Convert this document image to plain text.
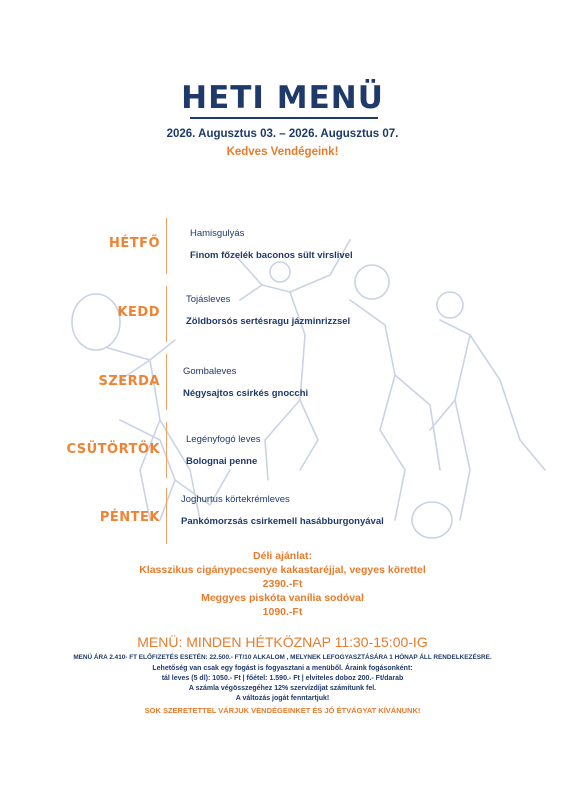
HETI MENÜ
2026. Augusztus 03. – 2026. Augusztus 07.
Kedves Vendégeink!
HÉTFŐ
Hamisgulyás
Finom főzelék baconos sült virslivel
KEDD
Tojásleves
Zöldborsós sertésragu jázminrizzsel
SZERDA
Gombaleves
Négysajtos csirkés gnocchi
CSÜTÖRTÖK
Legényfogó leves
Bolognai penne
PÉNTEK
Joghurtus körtekrémleves
Pankómorzsás csirkemell hasábburgonyával
Déli ajánlat:
Klasszikus cigánypecsenye kakastaréjjal, vegyes körettel
2390.-Ft
Meggyes piskóta vanília sodóval
1090.-Ft
MENÜ: MINDEN HÉTKÖZNAP 11:30-15:00-IG
MENÜ ÁRA 2.410- FT ELŐFIZETÉS ESETÉN: 22.500.- FT/10 ALKALOM , MELYNEK LEFOGYASZTÁSÁRA 1 HÓNAP ÁLL RENDELKEZÉSRE.
Lehetőség van csak egy fogást is fogyasztani a menüből. Áraink fogásonként:
tál leves (5 dl): 1050.- Ft | főétel: 1.590.- Ft | elviteles doboz 200.- Ft/darab
A számla végösszegéhez 12% szervízdíjat számítunk fel.
A változás jogát fenntartjuk!
SOK SZERETETTEL VÁRJUK VENDÉGEINKET ÉS JÓ ÉTVÁGYAT KÍVÁNUNK!
